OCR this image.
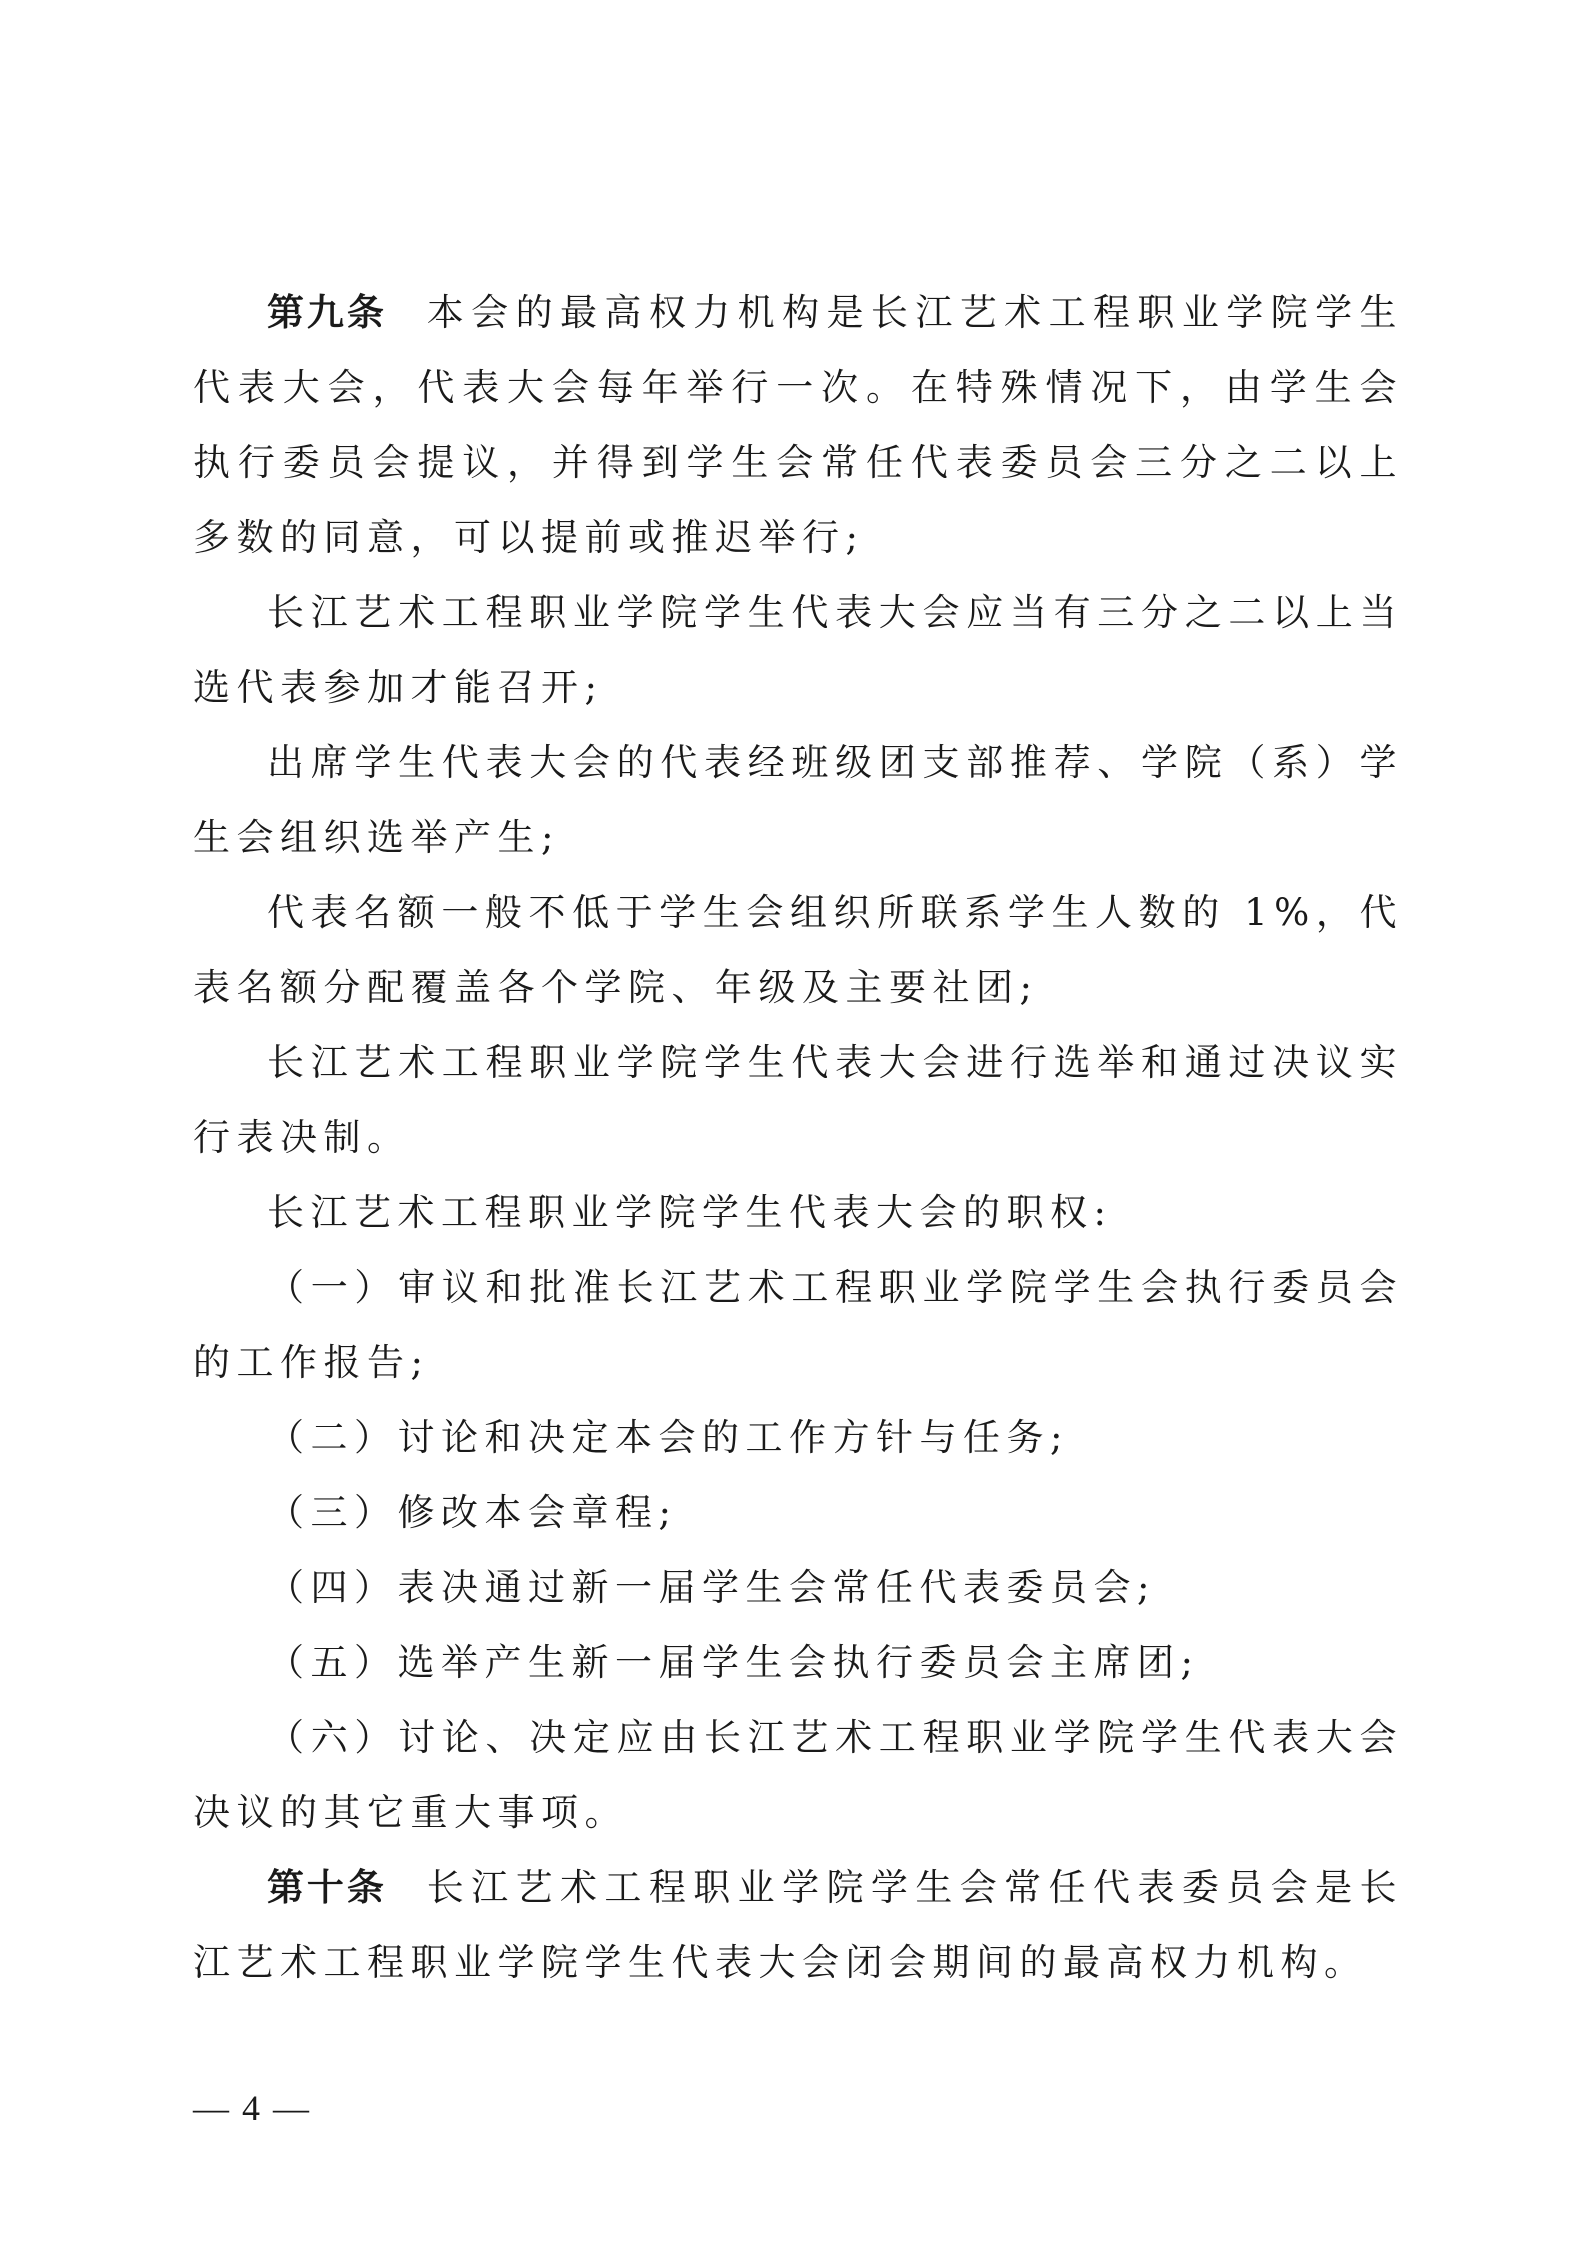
第九条 本会的最高权力机构是长江艺术工程职业学院学生代表大会，代表大会每年举行一次。在特殊情况下，由学生会执行委员会提议，并得到学生会常任代表委员会三分之二以上多数的同意，可以提前或推迟举行;

长江艺术工程职业学院学生代表大会应当有三分之二以上当选代表参加才能召开;

出席学生代表大会的代表经班级团支部推荐、学院（系）学生会组织选举产生;

代表名额一般不低于学生会组织所联系学生人数的 1%，代表名额分配覆盖各个学院、年级及主要社团;

长江艺术工程职业学院学生代表大会进行选举和通过决议实行表决制。

长江艺术工程职业学院学生代表大会的职权:

（一）审议和批准长江艺术工程职业学院学生会执行委员会的工作报告;

（二）讨论和决定本会的工作方针与任务;

（三）修改本会章程;

（四）表决通过新一届学生会常任代表委员会;

（五）选举产生新一届学生会执行委员会主席团;

（六）讨论、决定应由长江艺术工程职业学院学生代表大会决议的其它重大事项。

第十条 长江艺术工程职业学院学生会常任代表委员会是长江艺术工程职业学院学生代表大会闭会期间的最高权力机构。

— 4 —
